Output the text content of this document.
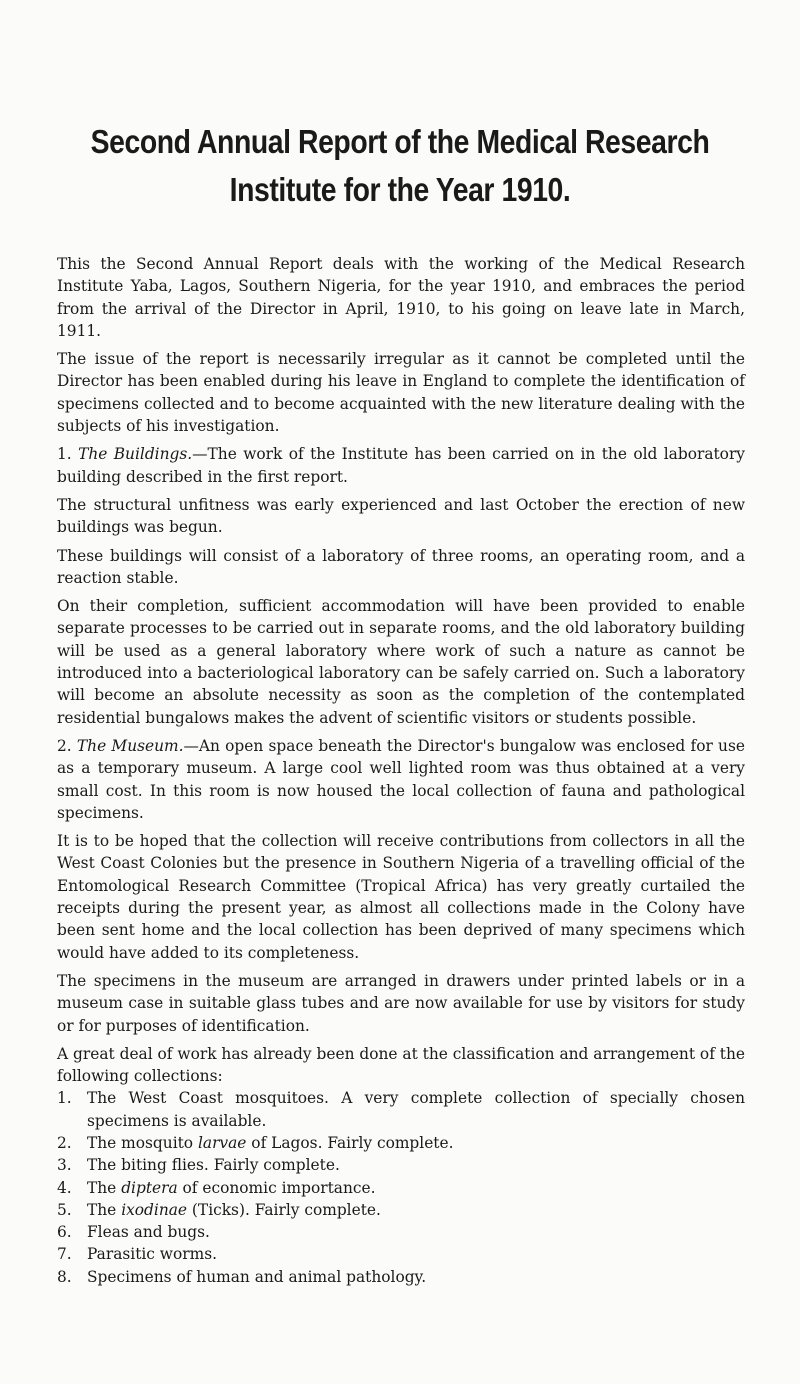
Second Annual Report of the Medical Research
Institute for the Year 1910.

This the Second Annual Report deals with the working of the Medical Research Institute Yaba, Lagos, Southern Nigeria, for the year 1910, and embraces the period from the arrival of the Director in April, 1910, to his going on leave late in March, 1911.

The issue of the report is necessarily irregular as it cannot be completed until the Director has been enabled during his leave in England to complete the identification of specimens collected and to become acquainted with the new literature dealing with the subjects of his investigation.

1. The Buildings.—The work of the Institute has been carried on in the old laboratory building described in the first report.

The structural unfitness was early experienced and last October the erection of new buildings was begun.

These buildings will consist of a laboratory of three rooms, an operating room, and a reaction stable.

On their completion, sufficient accommodation will have been provided to enable separate processes to be carried out in separate rooms, and the old laboratory building will be used as a general laboratory where work of such a nature as cannot be introduced into a bacteriological laboratory can be safely carried on. Such a laboratory will become an absolute necessity as soon as the completion of the contemplated residential bungalows makes the advent of scientific visitors or students possible.

2. The Museum.—An open space beneath the Director's bungalow was enclosed for use as a temporary museum. A large cool well lighted room was thus obtained at a very small cost. In this room is now housed the local collection of fauna and pathological specimens.

It is to be hoped that the collection will receive contributions from collectors in all the West Coast Colonies but the presence in Southern Nigeria of a travelling official of the Entomological Research Committee (Tropical Africa) has very greatly curtailed the receipts during the present year, as almost all collections made in the Colony have been sent home and the local collection has been deprived of many specimens which would have added to its completeness.

The specimens in the museum are arranged in drawers under printed labels or in a museum case in suitable glass tubes and are now available for use by visitors for study or for purposes of identification.

A great deal of work has already been done at the classification and arrangement of the following collections:

1. The West Coast mosquitoes. A very complete collection of specially chosen specimens is available.
2. The mosquito larvae of Lagos. Fairly complete.
3. The biting flies. Fairly complete.
4. The diptera of economic importance.
5. The ixodinae (Ticks). Fairly complete.
6. Fleas and bugs.
7. Parasitic worms.
8. Specimens of human and animal pathology.
